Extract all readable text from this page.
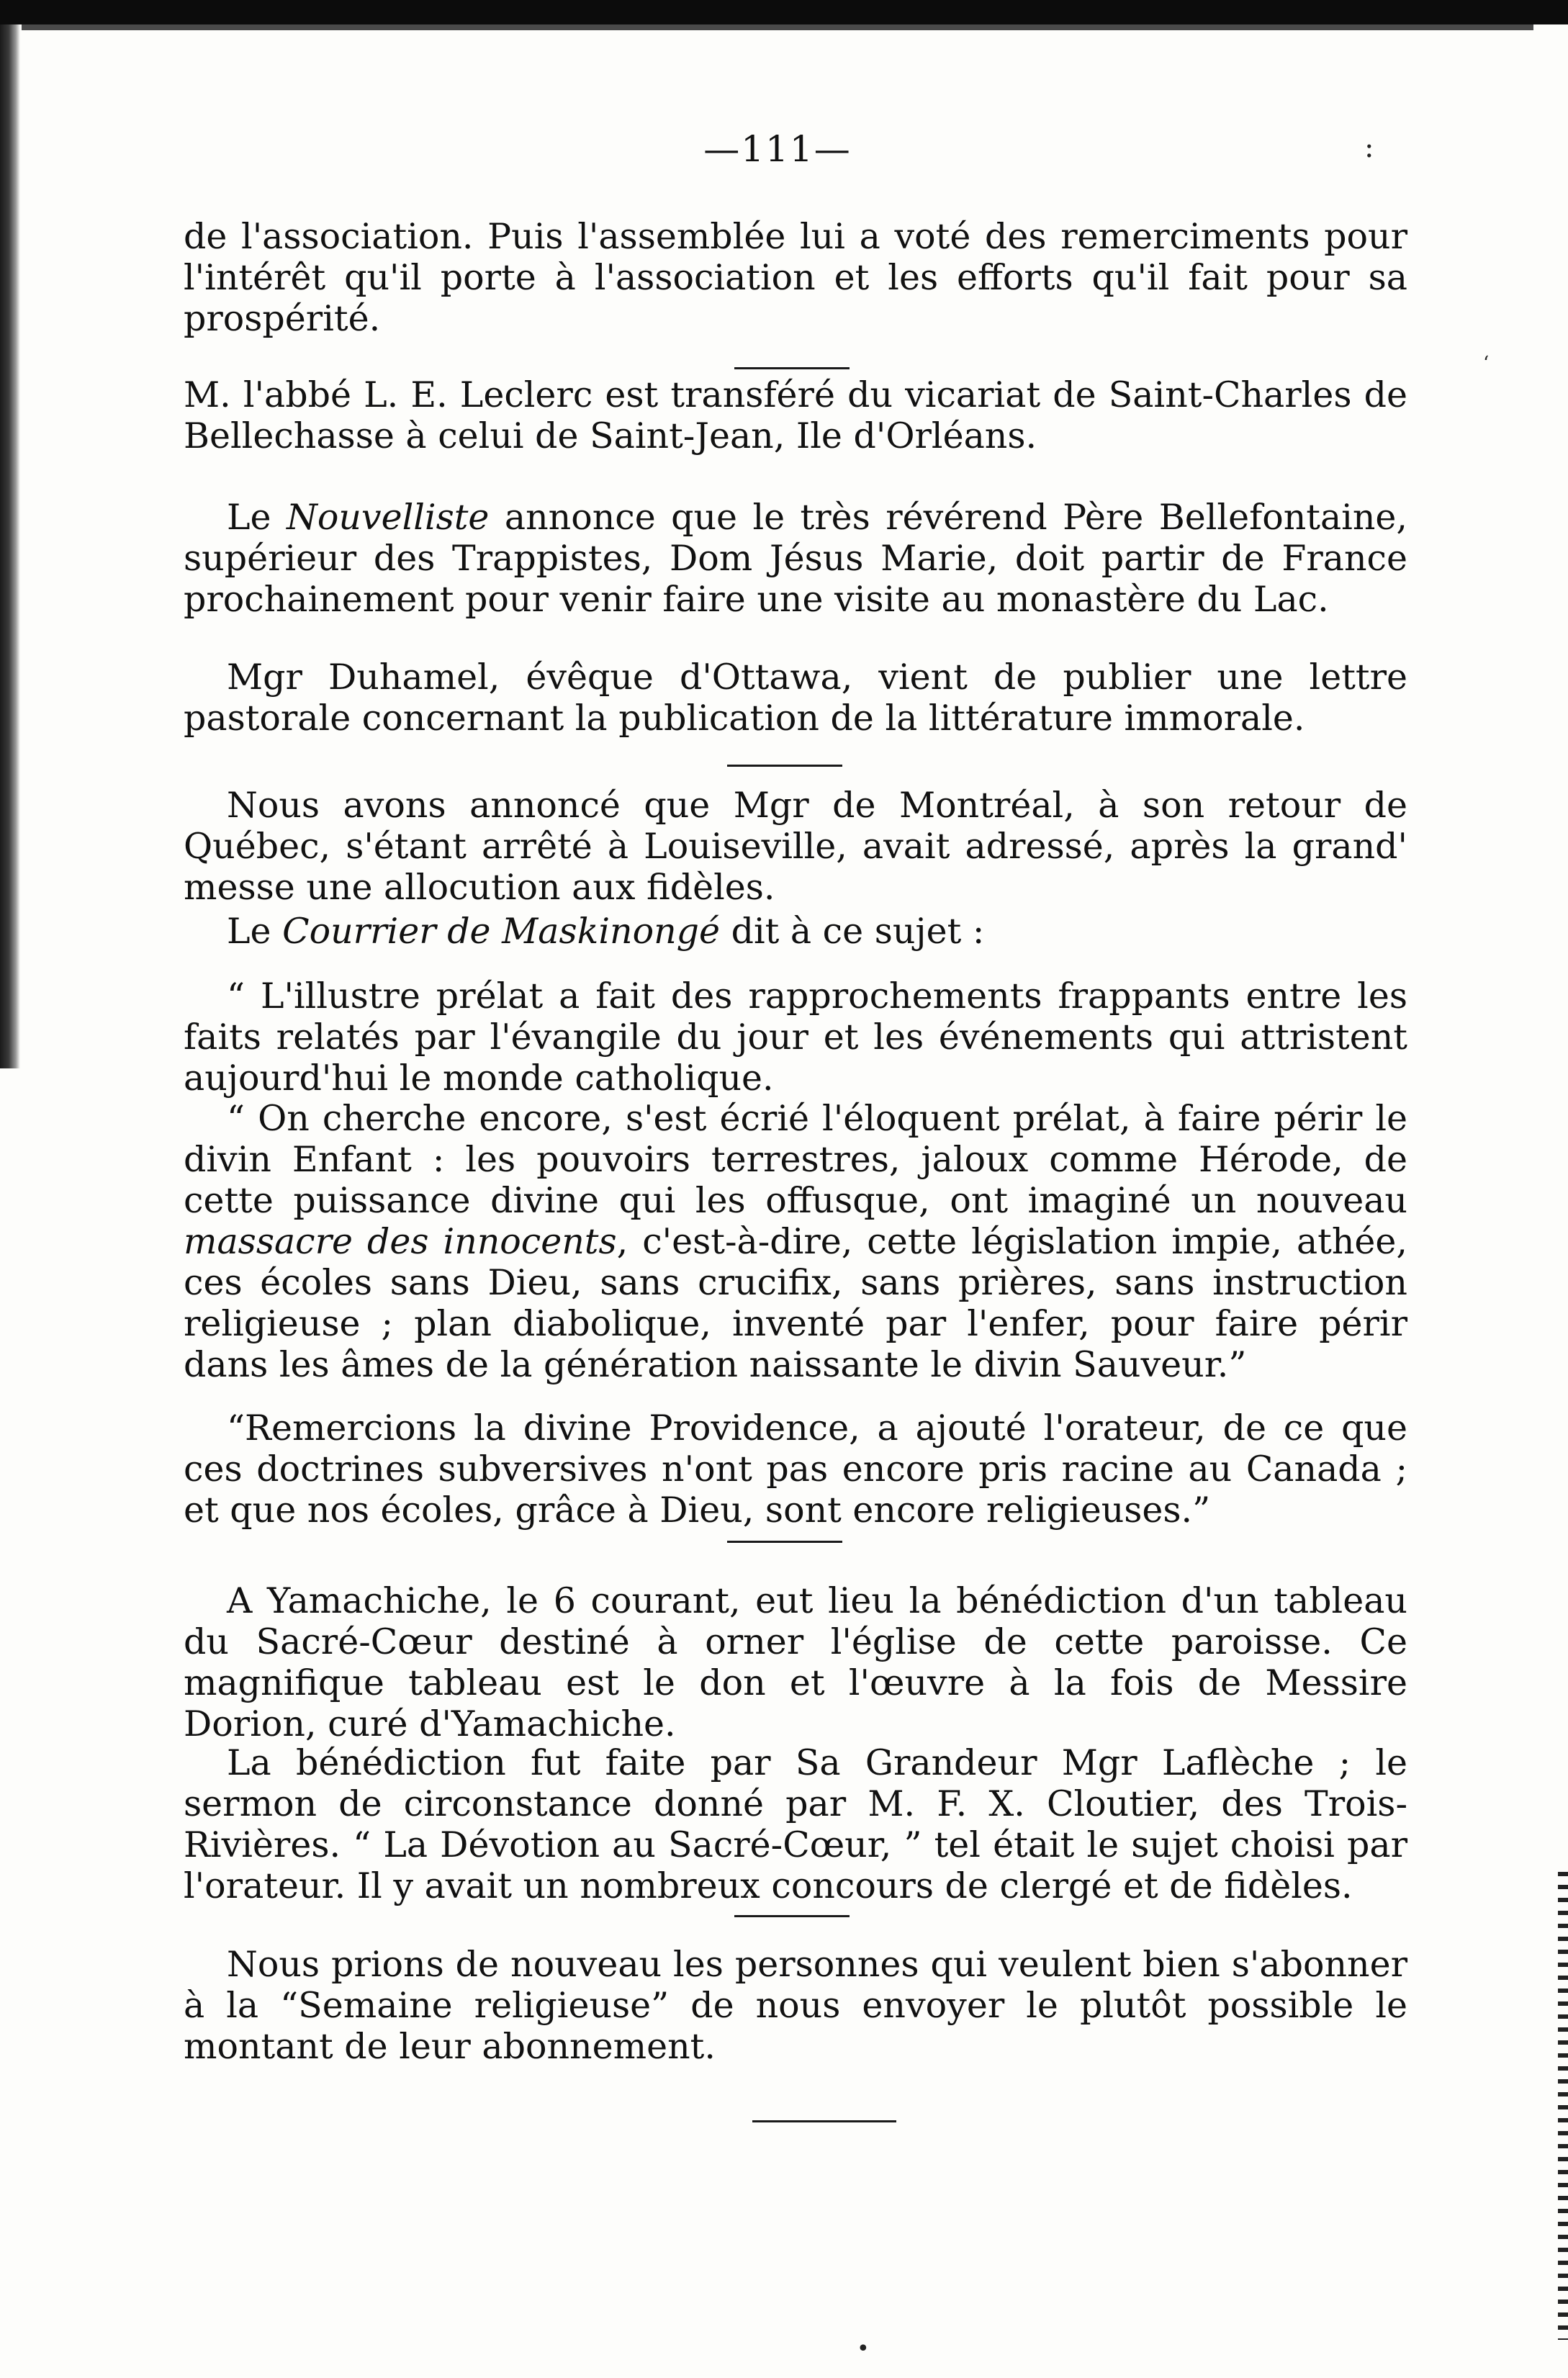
—111—	:
‘
•

de l'association. Puis l'assemblée lui a voté des remerciments pour l'intérêt qu'il porte à l'association et les efforts qu'il fait pour sa prospérité.

M. l'abbé L. E. Leclerc est transféré du vicariat de Saint-Charles de Bellechasse à celui de Saint-Jean, Ile d'Orléans.

Le Nouvelliste annonce que le très révérend Père Bellefontaine, supérieur des Trappistes, Dom Jésus Marie, doit partir de France prochainement pour venir faire une visite au monastère du Lac.

Mgr Duhamel, évêque d'Ottawa, vient de publier une lettre pastorale concernant la publication de la littérature immorale.

Nous avons annoncé que Mgr de Montréal, à son retour de Québec, s'étant arrêté à Louiseville, avait adressé, après la grand' messe une allocution aux fidèles.

Le Courrier de Maskinongé dit à ce sujet :

“ L'illustre prélat a fait des rapprochements frappants entre les faits relatés par l'évangile du jour et les événements qui attristent aujourd'hui le monde catholique.

“ On cherche encore, s'est écrié l'éloquent prélat, à faire périr le divin Enfant : les pouvoirs terrestres, jaloux comme Hérode, de cette puissance divine qui les offusque, ont imaginé un nouveau massacre des innocents, c'est-à-dire, cette législation impie, athée, ces écoles sans Dieu, sans crucifix, sans prières, sans instruction religieuse ; plan diabolique, inventé par l'enfer, pour faire périr dans les âmes de la génération naissante le divin Sauveur.”

“Remercions la divine Providence, a ajouté l'orateur, de ce que ces doctrines subversives n'ont pas encore pris racine au Canada ; et que nos écoles, grâce à Dieu, sont encore religieuses.”

A Yamachiche, le 6 courant, eut lieu la bénédiction d'un tableau du Sacré-Cœur destiné à orner l'église de cette paroisse. Ce magnifique tableau est le don et l'œuvre à la fois de Messire Dorion, curé d'Yamachiche.

La bénédiction fut faite par Sa Grandeur Mgr Laflèche ; le sermon de circonstance donné par M. F. X. Cloutier, des Trois-Rivières. “ La Dévotion au Sacré-Cœur, ” tel était le sujet choisi par l'orateur. Il y avait un nombreux concours de clergé et de fidèles.

Nous prions de nouveau les personnes qui veulent bien s'abonner à la “Semaine religieuse” de nous envoyer le plutôt possible le montant de leur abonnement.
